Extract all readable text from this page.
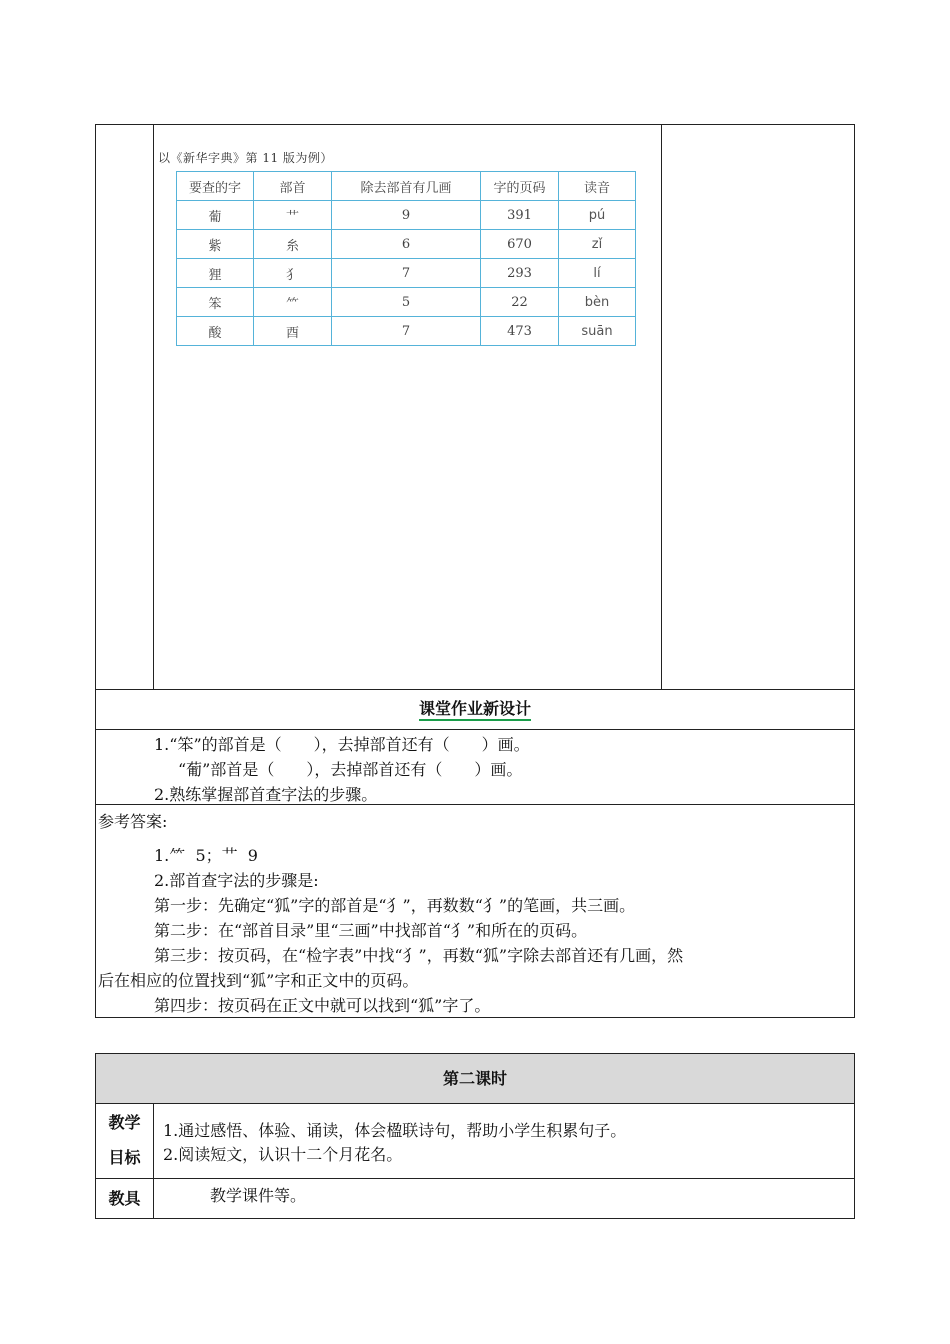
以《新华字典》第 11 版为例）
要查的字	部首	除去部首有几画	字的页码	读音
葡	艹	9	391	pú
紫	糸	6	670	zǐ
狸	犭	7	293	lí
笨	⺮	5	22	bèn
酸	酉	7	473	suān
课堂作业新设计
1.“笨”的部首是（　　），去掉部首还有（　　）画。
“葡”部首是（　　），去掉部首还有（　　）画。
2.熟练掌握部首查字法的步骤。
参考答案:
1.⺮  5；艹  9
2.部首查字法的步骤是:
第一步：先确定“狐”字的部首是“犭”，再数数“犭”的笔画，共三画。
第二步：在“部首目录”里“三画”中找部首“犭”和所在的页码。
第三步：按页码，在“检字表”中找“犭”，再数“狐”字除去部首还有几画，然
后在相应的位置找到“狐”字和正文中的页码。
第四步：按页码在正文中就可以找到“狐”字了。
第二课时
教学
目标
1.通过感悟、体验、诵读，体会楹联诗句，帮助小学生积累句子。
2.阅读短文，认识十二个月花名。
教具	教学课件等。
